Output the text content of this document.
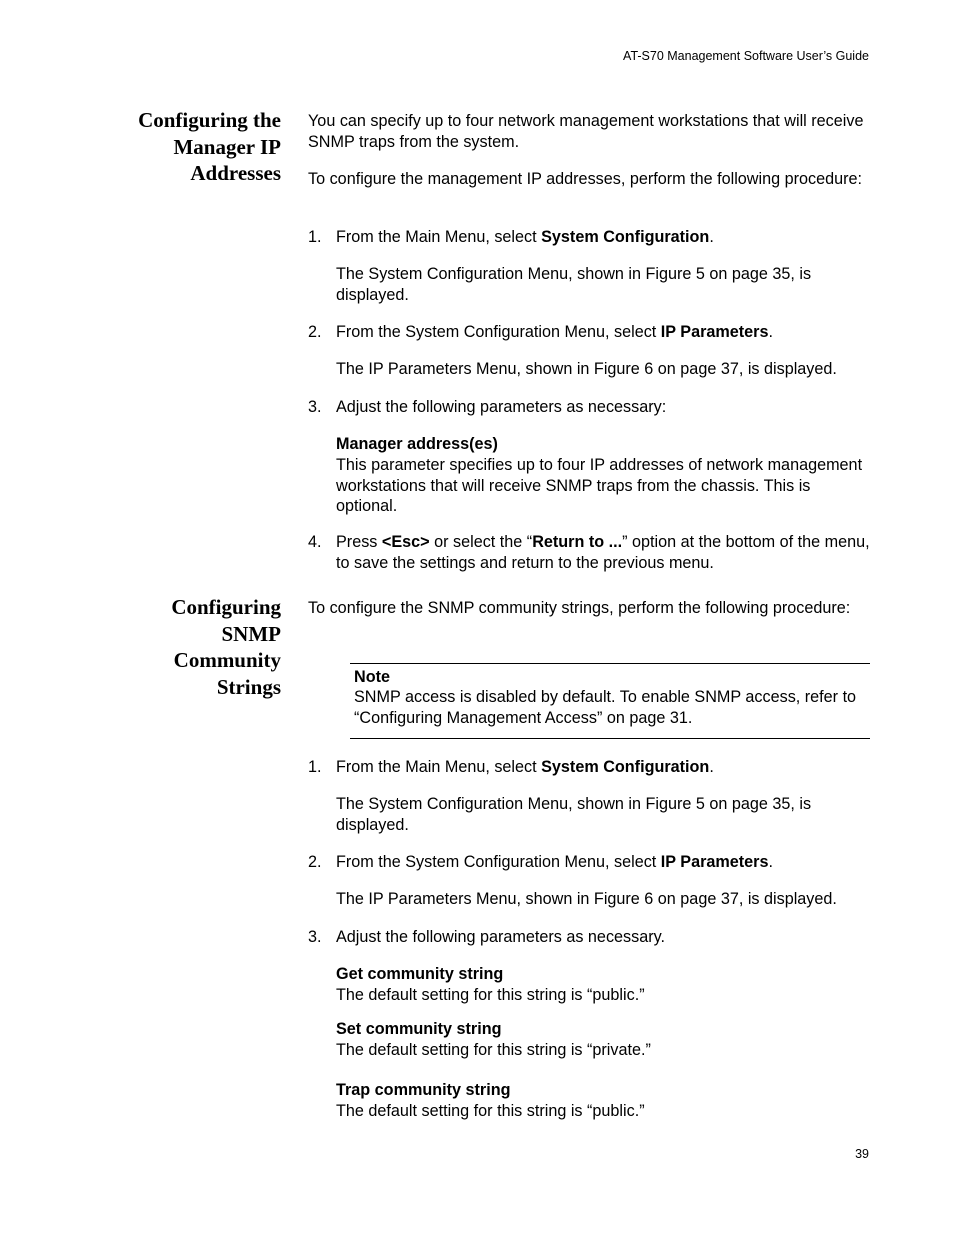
AT-S70 Management Software User’s Guide
Configuring the
Manager IP
Addresses

You can specify up to four network management workstations that will receive SNMP traps from the system.

To configure the management IP addresses, perform the following procedure:

1. From the Main Menu, select System Configuration.

The System Configuration Menu, shown in Figure 5 on page 35, is displayed.

2. From the System Configuration Menu, select IP Parameters.

The IP Parameters Menu, shown in Figure 6 on page 37, is displayed.

3. Adjust the following parameters as necessary:
Manager address(es)
This parameter specifies up to four IP addresses of network management workstations that will receive SNMP traps from the chassis. This is optional.
4. Press <Esc> or select the “Return to ...” option at the bottom of the menu, to save the settings and return to the previous menu.
Configuring
SNMP
Community
Strings

To configure the SNMP community strings, perform the following procedure:

Note
SNMP access is disabled by default. To enable SNMP access, refer to “Configuring Management Access” on page 31.
1. From the Main Menu, select System Configuration.

The System Configuration Menu, shown in Figure 5 on page 35, is displayed.

2. From the System Configuration Menu, select IP Parameters.

The IP Parameters Menu, shown in Figure 6 on page 37, is displayed.

3. Adjust the following parameters as necessary.
Get community string
The default setting for this string is “public.”
Set community string
The default setting for this string is “private.”
Trap community string
The default setting for this string is “public.”
39
